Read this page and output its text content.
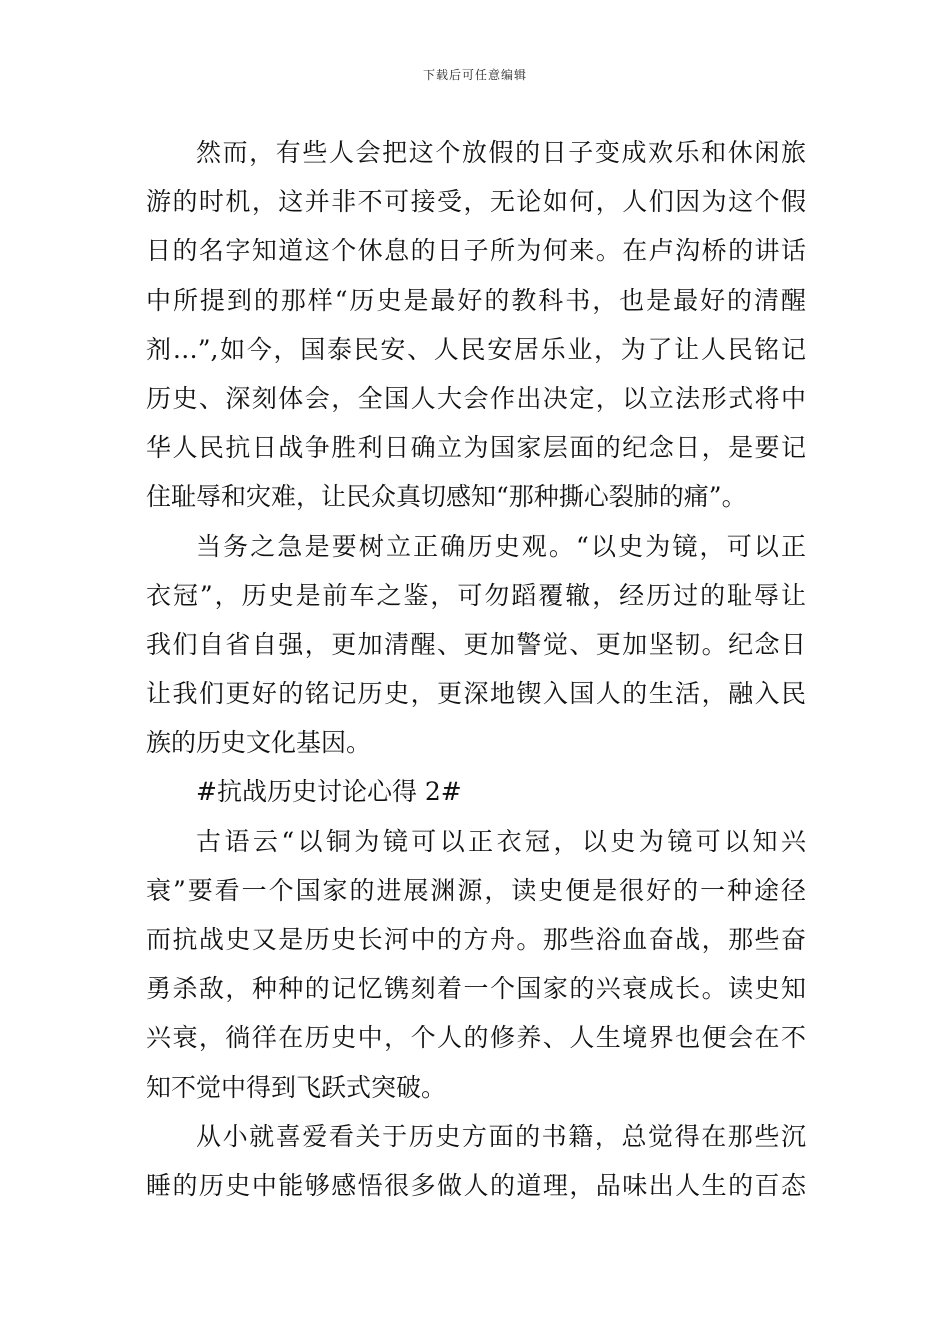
下载后可任意编辑
然而，有些人会把这个放假的日子变成欢乐和休闲旅
游的时机，这并非不可接受，无论如何，人们因为这个假
日的名字知道这个休息的日子所为何来。在卢沟桥的讲话
中所提到的那样“历史是最好的教科书，也是最好的清醒
剂…”,如今，国泰民安、人民安居乐业，为了让人民铭记
历史、深刻体会，全国人大会作出决定，以立法形式将中
华人民抗日战争胜利日确立为国家层面的纪念日，是要记
住耻辱和灾难，让民众真切感知“那种撕心裂肺的痛”。
当务之急是要树立正确历史观。“以史为镜，可以正
衣冠”，历史是前车之鉴，可勿蹈覆辙，经历过的耻辱让
我们自省自强，更加清醒、更加警觉、更加坚韧。纪念日
让我们更好的铭记历史，更深地锲入国人的生活，融入民
族的历史文化基因。
#抗战历史讨论心得 2#
古语云“以铜为镜可以正衣冠，以史为镜可以知兴
衰”要看一个国家的进展渊源，读史便是很好的一种途径
而抗战史又是历史长河中的方舟。那些浴血奋战，那些奋
勇杀敌，种种的记忆镌刻着一个国家的兴衰成长。读史知
兴衰，徜徉在历史中，个人的修养、人生境界也便会在不
知不觉中得到飞跃式突破。
从小就喜爱看关于历史方面的书籍，总觉得在那些沉
睡的历史中能够感悟很多做人的道理，品味出人生的百态
